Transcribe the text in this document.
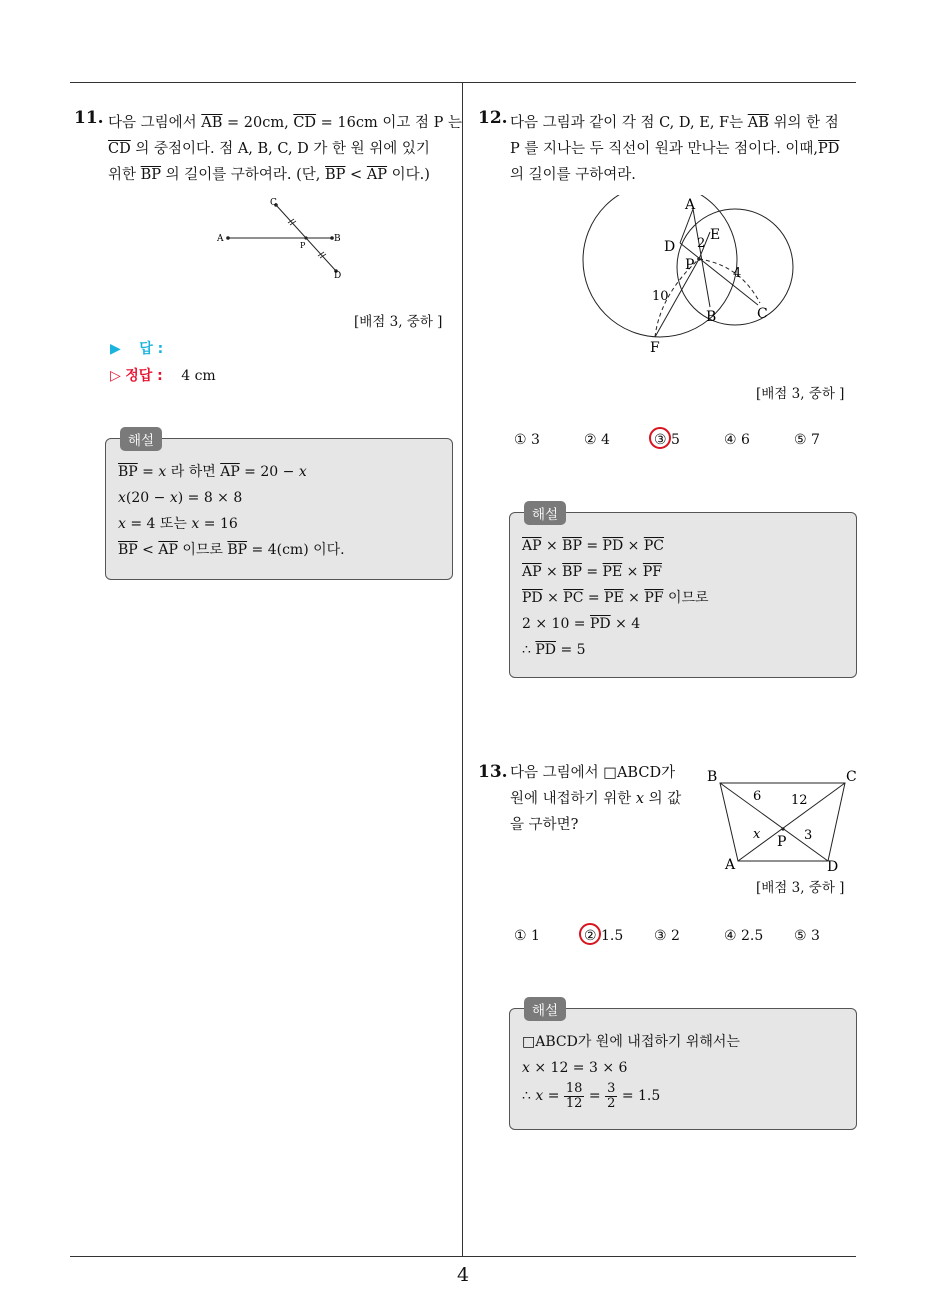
4
11. 다음 그림에서 $\overline{AB} = 20cm$, $\overline{CD} = 16cm$ 이고 점 P 는
$\overline{CD}$ 의 중점이다. 점 A, B, C, D 가 한 원 위에 있기
위한 $\overline{BP}$ 의 길이를 구하여라. (단, $\overline{BP} < \overline{AP}$ 이다.)
A	B
C
D
P
[배점 3, 중하 ]
▶ 답 :
▷ 정답 : 4 cm
$\overline{BP} = x$ 라 하면 $\overline{AP} = 20 - x$
x(20 − x) = 8 × 8
x = 4 또는 x = 16
$\overline{BP} < \overline{AP}$ 이므로 $\overline{BP} = 4(cm)$ 이다.
해설
12. 다음 그림과 같이 각 점 C, D, E, F는 $\overline{AB}$ 위의 한 점
P 를 지나는 두 직선이 원과 만나는 점이다. 이때$,\overline{PD}$
의 길이를 구하여라.
A
B	C
D
E
F
P
2
4
10
[배점 3, 중하 ]
① 3	② 4	③ 5	④ 6	⑤ 7
$\overline{AP} \times \overline{BP} = \overline{PD} \times \overline{PC}$
$\overline{AP} \times \overline{BP} = \overline{PE} \times \overline{PF}$
$\overline{PD} \times \overline{PC} = \overline{PE} \times \overline{PF}$ 이므로
$2 \times 10 = \overline{PD} \times 4$
∴ $\overline{PD} = 5$
해설
13. 다음 그림에서 □ABCD가
원에 내접하기 위한 x 의 값
을 구하면?
B	C
A	D
P
6 12
3
x
[배점 3, 중하 ]
① 1	② 1.5 ③ 2	④ 2.5 ⑤ 3
□ABCD가 원에 내접하기 위해서는
x × 12 = 3 × 6
∴ $x = \frac{18}{12} = \frac{3}{2} = 1.5$
해설
